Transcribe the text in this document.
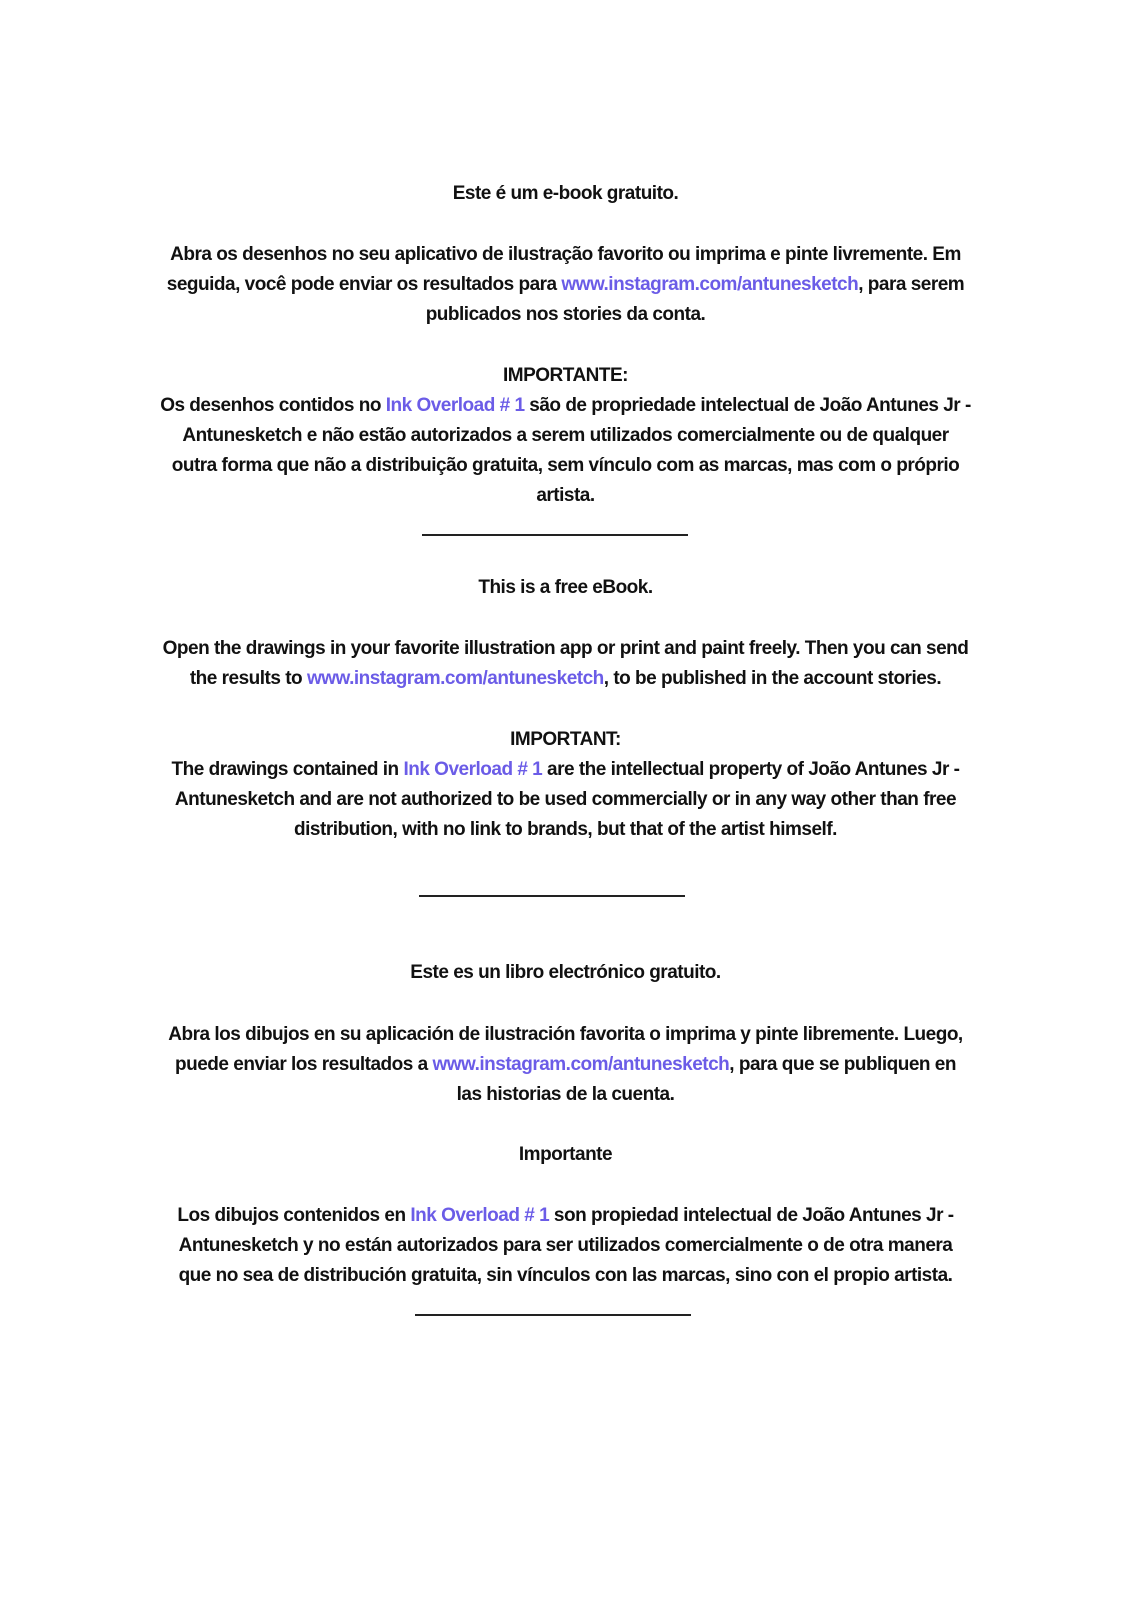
Este é um e-book gratuito.
Abra os desenhos no seu aplicativo de ilustração favorito ou imprima e pinte livremente. Em
seguida, você pode enviar os resultados para www.instagram.com/antunesketch, para serem
publicados nos stories da conta.
IMPORTANTE:
Os desenhos contidos no Ink Overload # 1 são de propriedade intelectual de João Antunes Jr -
Antunesketch e não estão autorizados a serem utilizados comercialmente ou de qualquer
outra forma que não a distribuição gratuita, sem vínculo com as marcas, mas com o próprio
artista.
This is a free eBook.
Open the drawings in your favorite illustration app or print and paint freely. Then you can send
the results to www.instagram.com/antunesketch, to be published in the account stories.
IMPORTANT:
The drawings contained in Ink Overload # 1 are the intellectual property of João Antunes Jr -
Antunesketch and are not authorized to be used commercially or in any way other than free
distribution, with no link to brands, but that of the artist himself.
Este es un libro electrónico gratuito.
Abra los dibujos en su aplicación de ilustración favorita o imprima y pinte libremente. Luego,
puede enviar los resultados a www.instagram.com/antunesketch, para que se publiquen en
las historias de la cuenta.
Importante
Los dibujos contenidos en Ink Overload # 1 son propiedad intelectual de João Antunes Jr -
Antunesketch y no están autorizados para ser utilizados comercialmente o de otra manera
que no sea de distribución gratuita, sin vínculos con las marcas, sino con el propio artista.
